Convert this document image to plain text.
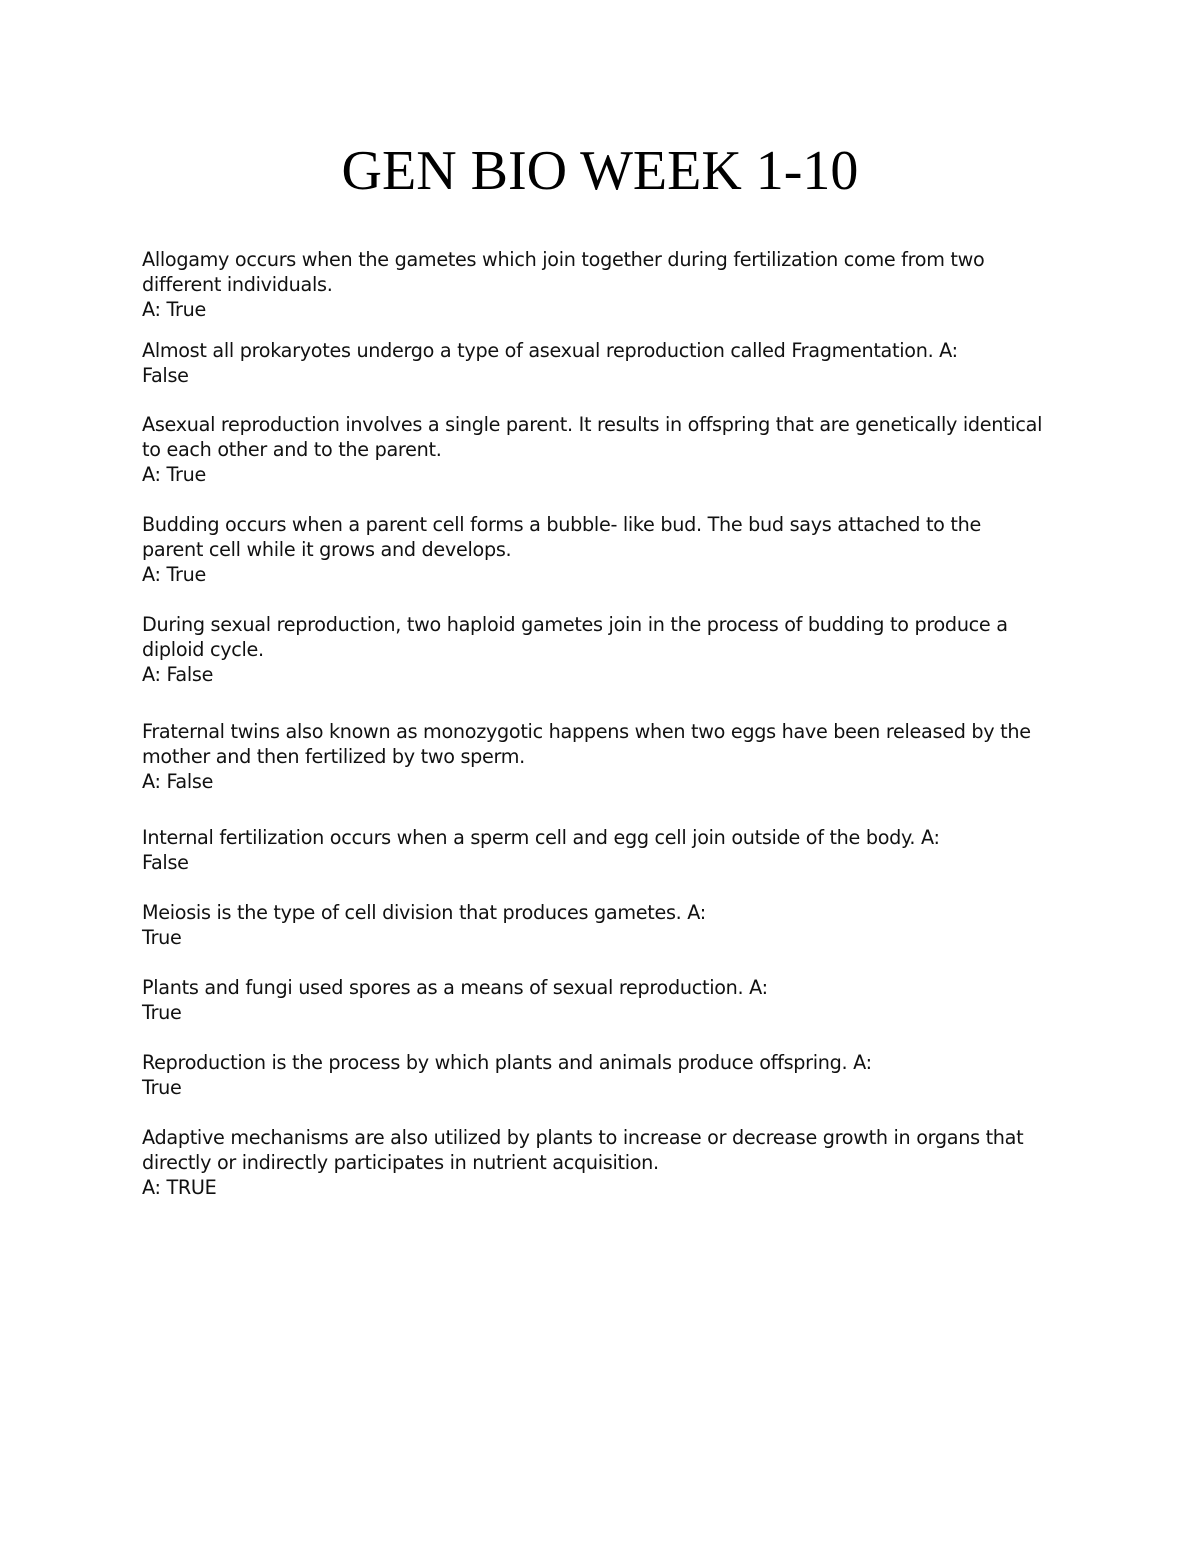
GEN BIO WEEK 1-10
Allogamy occurs when the gametes which join together during fertilization come from two
different individuals.
A: True
Almost all prokaryotes undergo a type of asexual reproduction called Fragmentation. A:
False
Asexual reproduction involves a single parent. It results in offspring that are genetically identical
to each other and to the parent.
A: True
Budding occurs when a parent cell forms a bubble- like bud. The bud says attached to the
parent cell while it grows and develops.
A: True
During sexual reproduction, two haploid gametes join in the process of budding to produce a
diploid cycle.
A: False
Fraternal twins also known as monozygotic happens when two eggs have been released by the
mother and then fertilized by two sperm.
A: False
Internal fertilization occurs when a sperm cell and egg cell join outside of the body. A:
False
Meiosis is the type of cell division that produces gametes. A:
True
Plants and fungi used spores as a means of sexual reproduction. A:
True
Reproduction is the process by which plants and animals produce offspring. A:
True
Adaptive mechanisms are also utilized by plants to increase or decrease growth in organs that
directly or indirectly participates in nutrient acquisition.
A: TRUE
